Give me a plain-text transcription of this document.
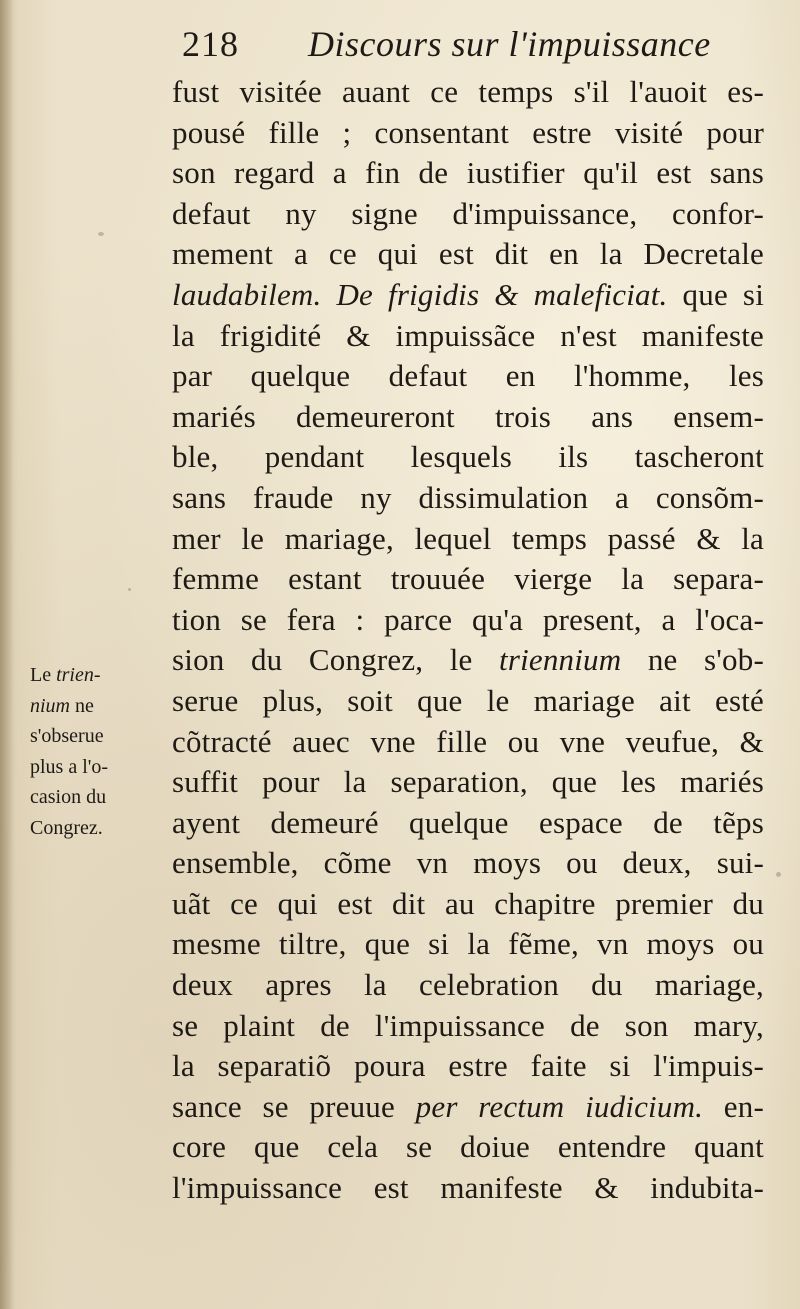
218 Discours sur l'impuissance
fust visitée auant ce temps s'il l'auoit es-
pousé fille ; consentant estre visité pour
son regard a fin de iustifier qu'il est sans
defaut ny signe d'impuissance, confor-
mement a ce qui est dit en la Decretale
laudabilem. De frigidis & maleficiat. que si
la frigidité & impuissãce n'est manifeste
par quelque defaut en l'homme, les
mariés demeureront trois ans ensem-
ble, pendant lesquels ils tascheront
sans fraude ny dissimulation a consõm-
mer le mariage, lequel temps passé & la
femme estant trouuée vierge la separa-
tion se fera : parce qu'a present, a l'oca-
sion du Congrez, le triennium ne s'ob-
serue plus, soit que le mariage ait esté
cõtracté auec vne fille ou vne veufue, &
suffit pour la separation, que les mariés
ayent demeuré quelque espace de tẽps
ensemble, cõme vn moys ou deux, sui-
uãt ce qui est dit au chapitre premier du
mesme tiltre, que si la fẽme, vn moys ou
deux apres la celebration du mariage,
se plaint de l'impuissance de son mary,
la separatiõ poura estre faite si l'impuis-
sance se preuue per rectum iudicium. en-
core que cela se doiue entendre quant
l'impuissance est manifeste & indubita-
Le trien-
nium ne
s'obserue
plus a l'o-
casion du
Congrez.
